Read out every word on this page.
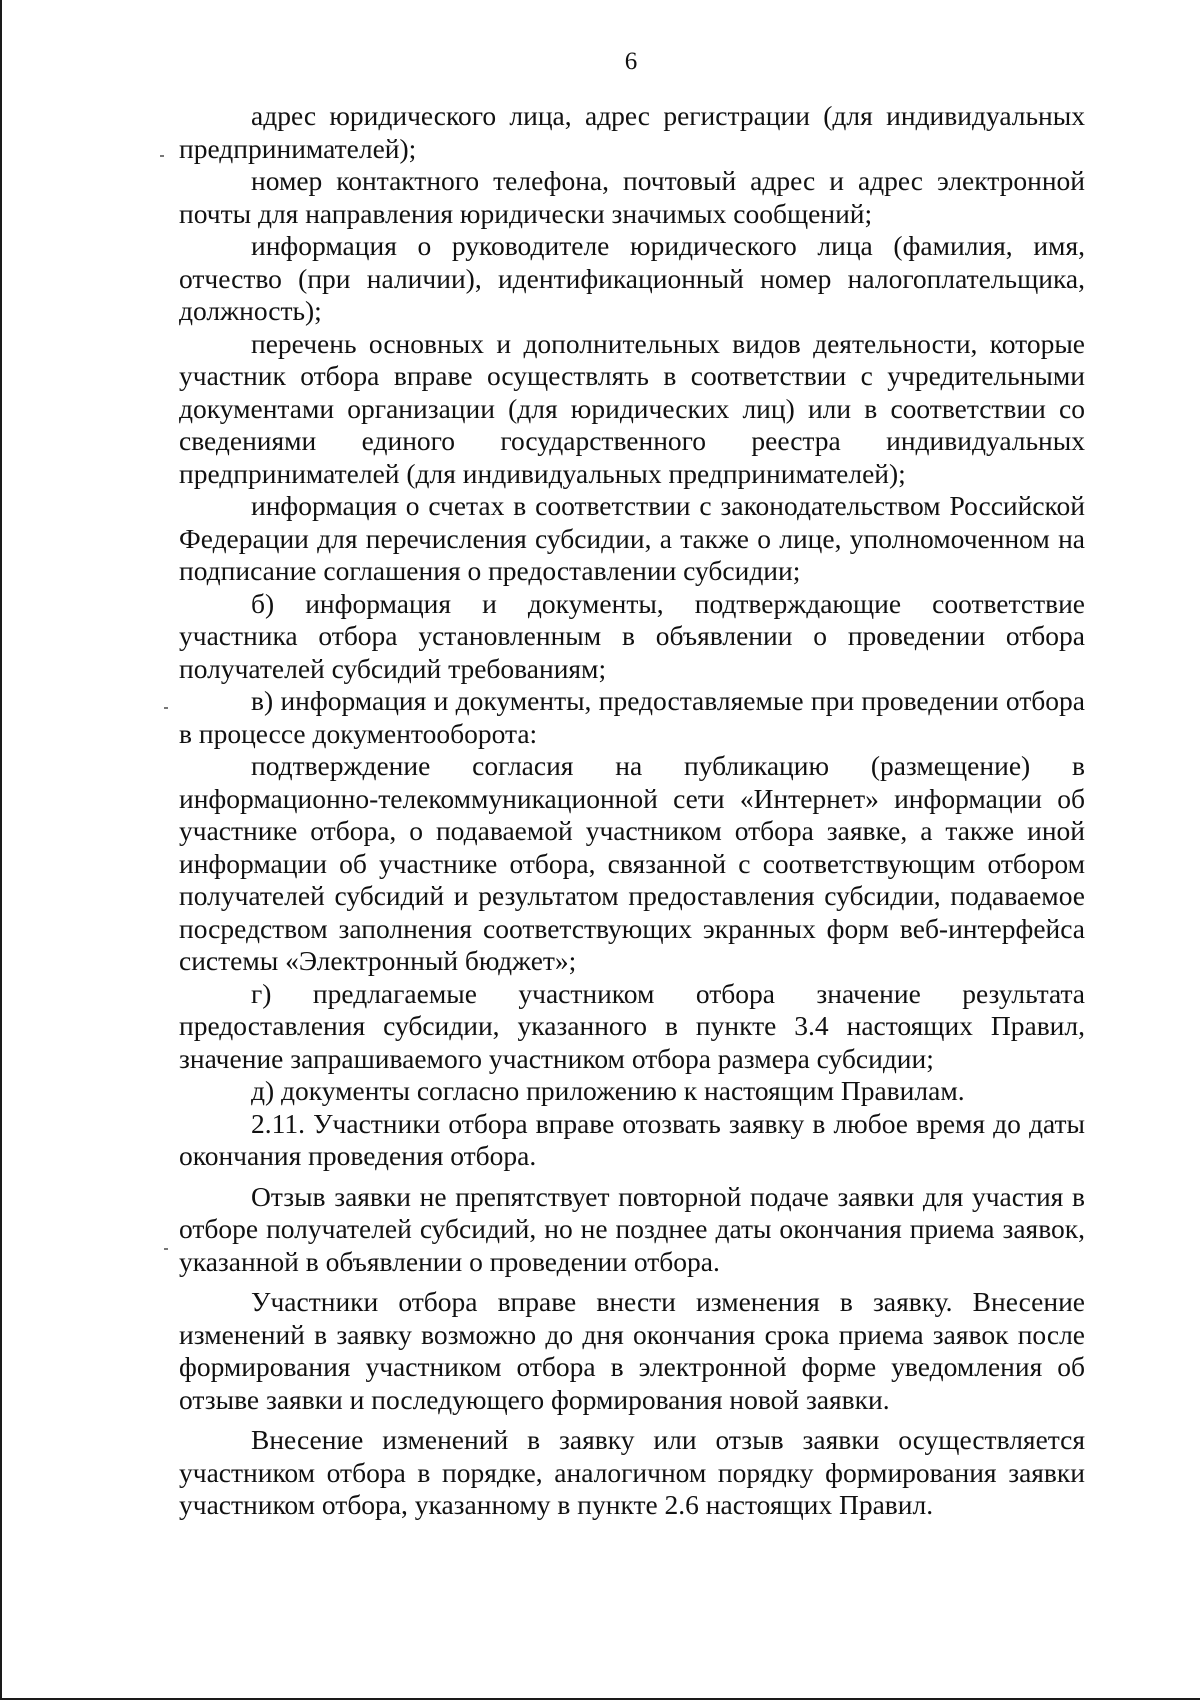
6

адрес юридического лица, адрес регистрации (для индивидуальных предпринимателей);

номер контактного телефона, почтовый адрес и адрес электронной почты для направления юридически значимых сообщений;

информация о руководителе юридического лица (фамилия, имя, отчество (при наличии), идентификационный номер налогоплательщика, должность);

перечень основных и дополнительных видов деятельности, которые участник отбора вправе осуществлять в соответствии с учредительными документами организации (для юридических лиц) или в соответствии со сведениями единого государственного реестра индивидуальных предпринимателей (для индивидуальных предпринимателей);

информация о счетах в соответствии с законодательством Российской Федерации для перечисления субсидии, а также о лице, уполномоченном на подписание соглашения о предоставлении субсидии;

б) информация и документы, подтверждающие соответствие участника отбора установленным в объявлении о проведении отбора получателей субсидий требованиям;

в) информация и документы, предоставляемые при проведении отбора в процессе документооборота:

подтверждение согласия на публикацию (размещение) в информационно-телекоммуникационной сети «Интернет» информации об участнике отбора, о подаваемой участником отбора заявке, а также иной информации об участнике отбора, связанной с соответствующим отбором получателей субсидий и результатом предоставления субсидии, подаваемое посредством заполнения соответствующих экранных форм веб-интерфейса системы «Электронный бюджет»;

г) предлагаемые участником отбора значение результата предоставления субсидии, указанного в пункте 3.4 настоящих Правил, значение запрашиваемого участником отбора размера субсидии;

д) документы согласно приложению к настоящим Правилам.

2.11. Участники отбора вправе отозвать заявку в любое время до даты окончания проведения отбора.

Отзыв заявки не препятствует повторной подаче заявки для участия в отборе получателей субсидий, но не позднее даты окончания приема заявок, указанной в объявлении о проведении отбора.

Участники отбора вправе внести изменения в заявку. Внесение изменений в заявку возможно до дня окончания срока приема заявок после формирования участником отбора в электронной форме уведомления об отзыве заявки и последующего формирования новой заявки.

Внесение изменений в заявку или отзыв заявки осуществляется участником отбора в порядке, аналогичном порядку формирования заявки участником отбора, указанному в пункте 2.6 настоящих Правил.
